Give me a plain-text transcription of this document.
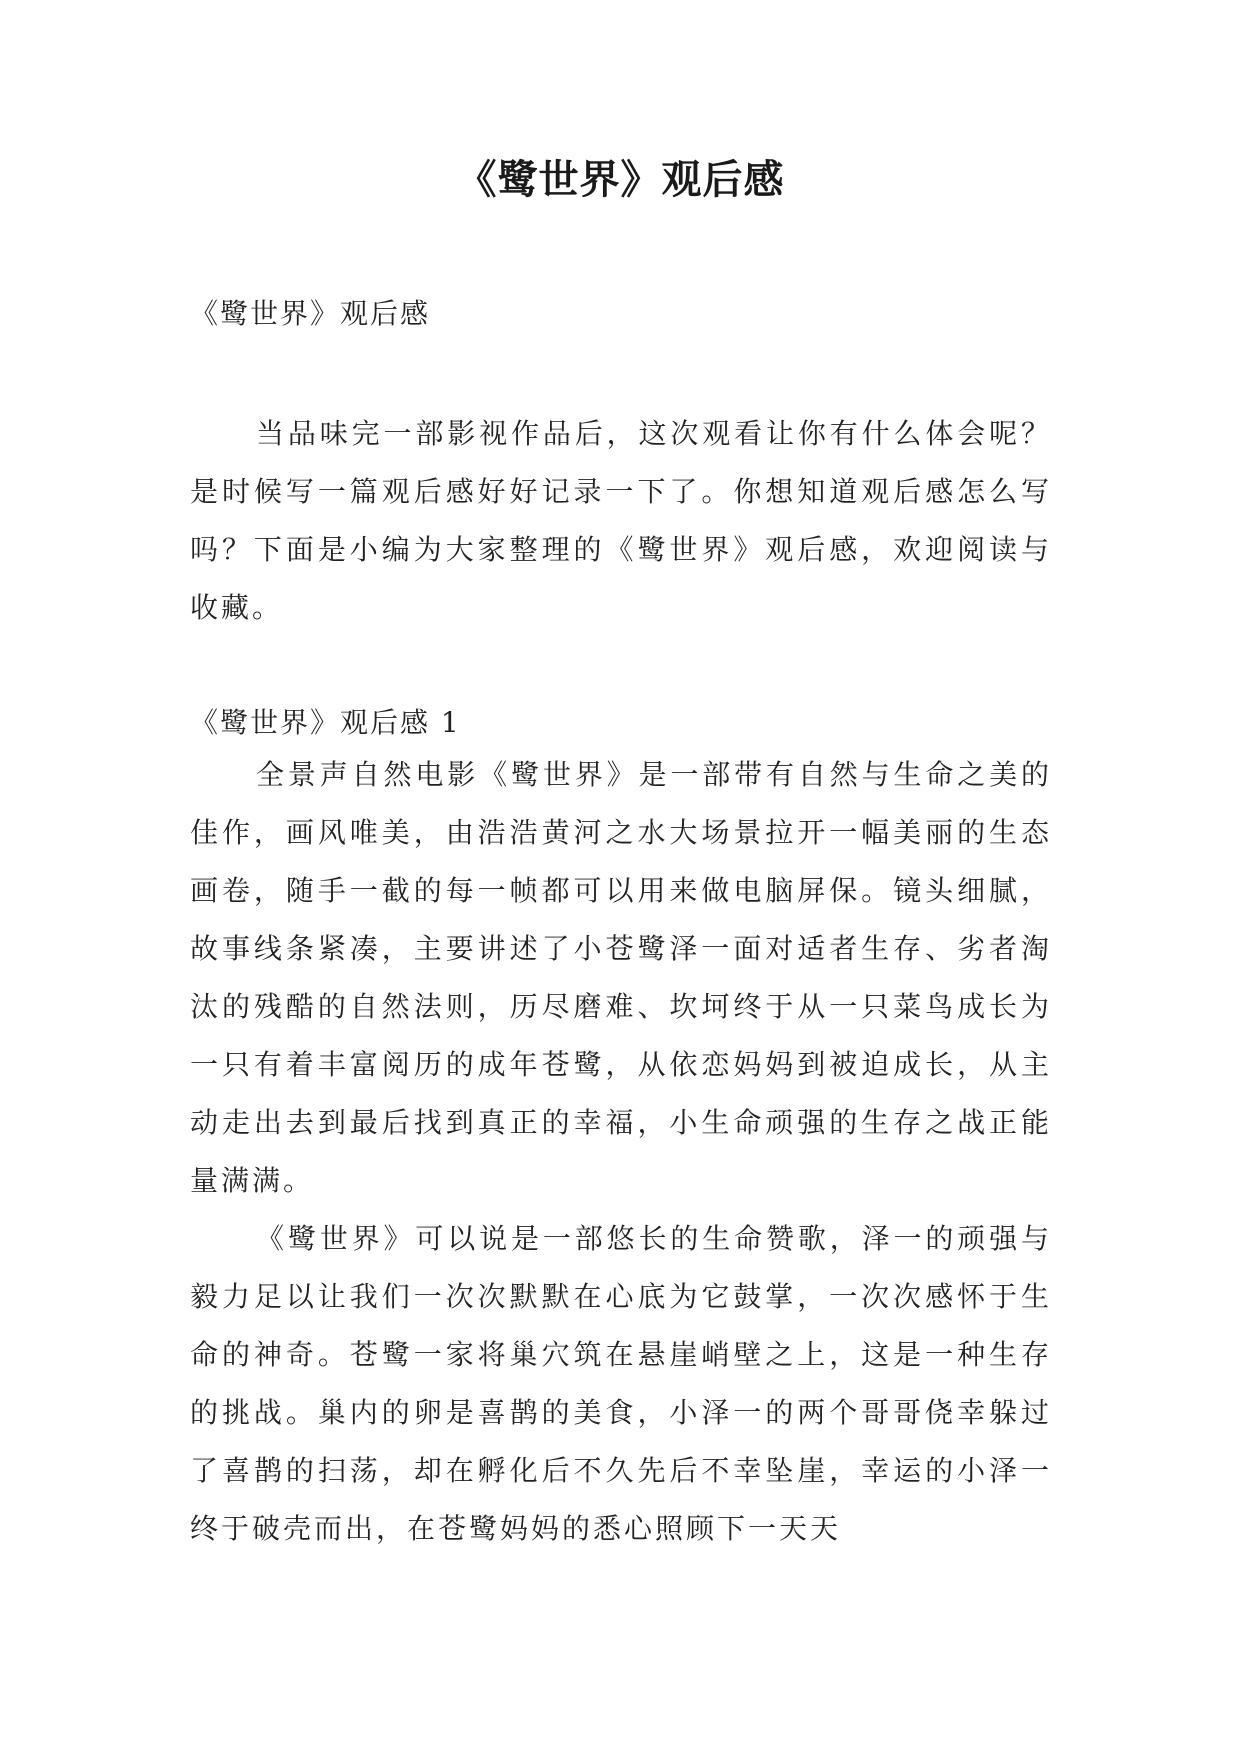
《鹭世界》观后感

《鹭世界》观后感

当品味完一部影视作品后，这次观看让你有什么体会呢？是时候写一篇观后感好好记录一下了。你想知道观后感怎么写吗？下面是小编为大家整理的《鹭世界》观后感，欢迎阅读与收藏。

《鹭世界》观后感 1

全景声自然电影《鹭世界》是一部带有自然与生命之美的佳作，画风唯美，由浩浩黄河之水大场景拉开一幅美丽的生态画卷，随手一截的每一帧都可以用来做电脑屏保。镜头细腻，故事线条紧凑，主要讲述了小苍鹭泽一面对适者生存、劣者淘汰的残酷的自然法则，历尽磨难、坎坷终于从一只菜鸟成长为一只有着丰富阅历的成年苍鹭，从依恋妈妈到被迫成长，从主动走出去到最后找到真正的幸福，小生命顽强的生存之战正能量满满。

《鹭世界》可以说是一部悠长的生命赞歌，泽一的顽强与毅力足以让我们一次次默默在心底为它鼓掌，一次次感怀于生命的神奇。苍鹭一家将巢穴筑在悬崖峭壁之上，这是一种生存的挑战。巢内的卵是喜鹊的美食，小泽一的两个哥哥侥幸躲过了喜鹊的扫荡，却在孵化后不久先后不幸坠崖，幸运的小泽一终于破壳而出，在苍鹭妈妈的悉心照顾下一天天
